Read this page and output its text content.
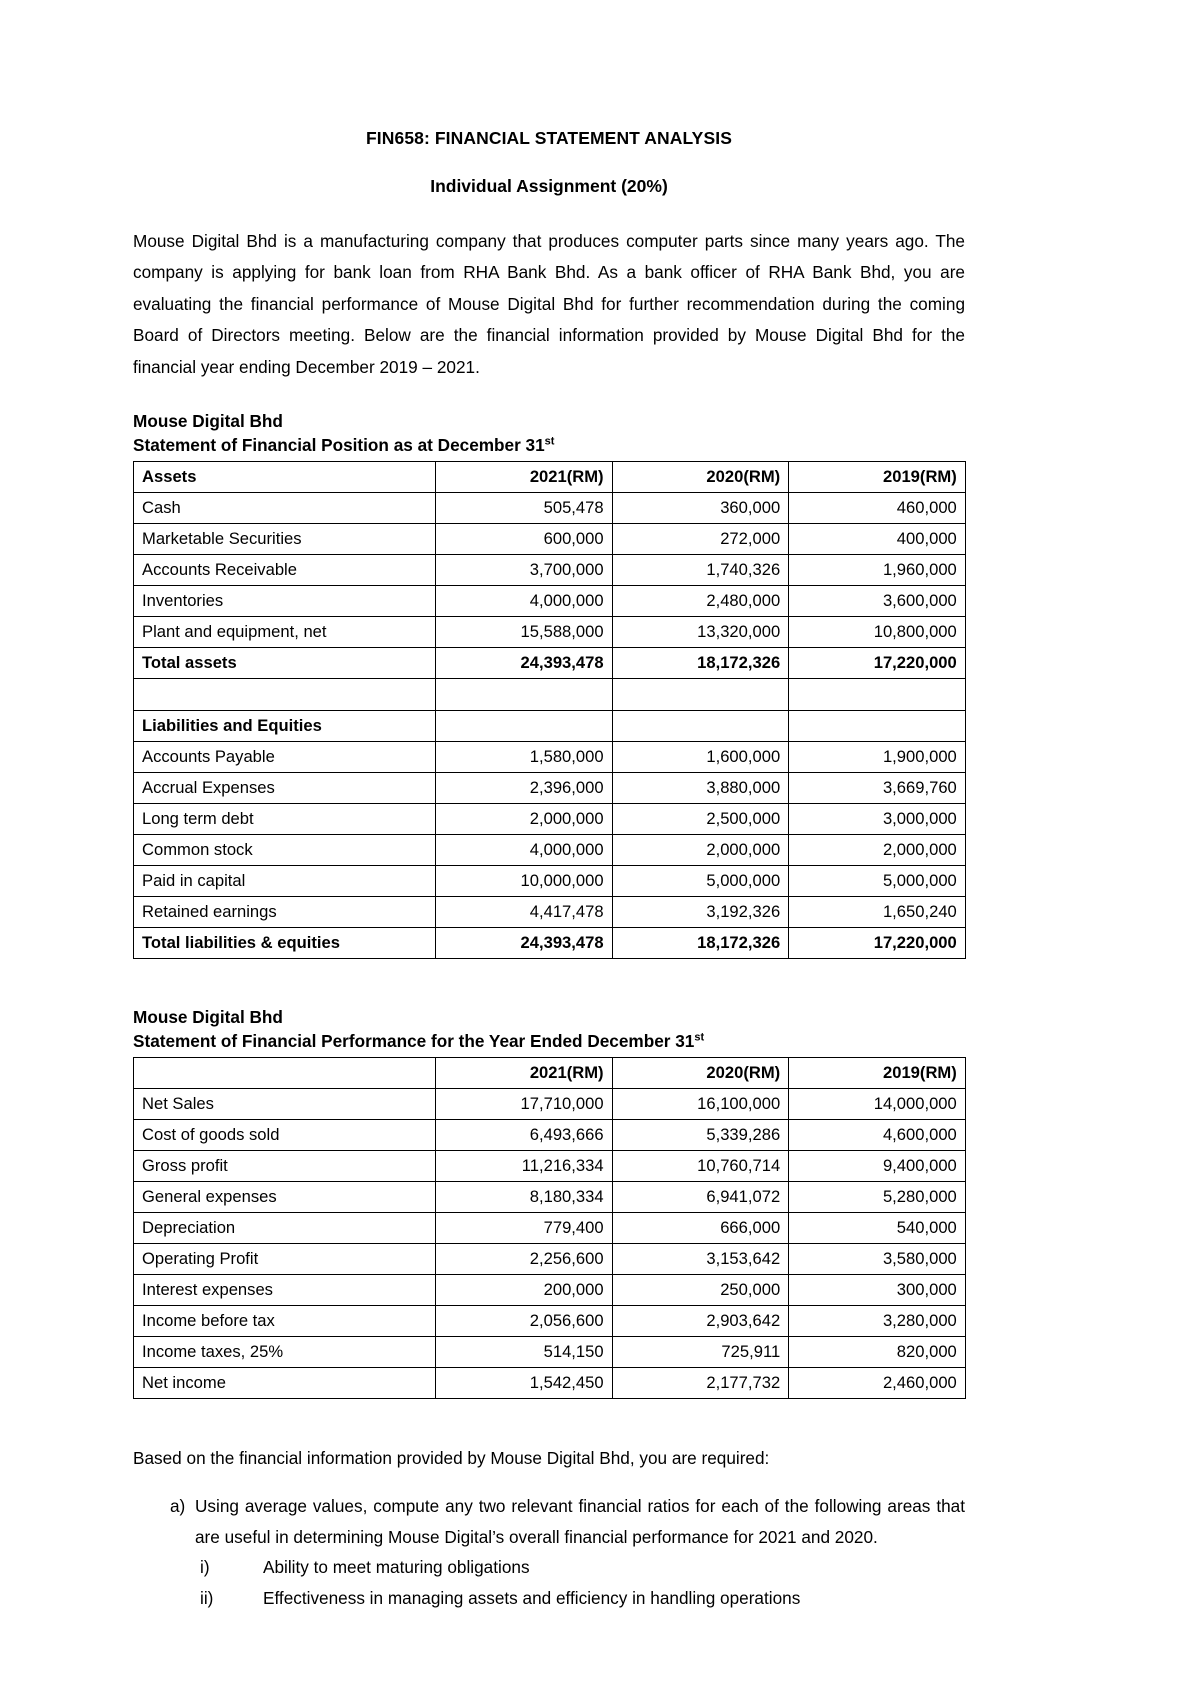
FIN658: FINANCIAL STATEMENT ANALYSIS
Individual Assignment (20%)

Mouse Digital Bhd is a manufacturing company that produces computer parts since many years ago. The company is applying for bank loan from RHA Bank Bhd. As a bank officer of RHA Bank Bhd, you are evaluating the financial performance of Mouse Digital Bhd for further recommendation during the coming Board of Directors meeting. Below are the financial information provided by Mouse Digital Bhd for the financial year ending December 2019 – 2021.

Mouse Digital Bhd
Statement of Financial Position as at December 31st
Assets	2021(RM)	2020(RM)	2019(RM)
Cash	505,478	360,000	460,000
Marketable Securities	600,000	272,000	400,000
Accounts Receivable	3,700,000	1,740,326	1,960,000
Inventories	4,000,000	2,480,000	3,600,000
Plant and equipment, net	15,588,000	13,320,000	10,800,000
Total assets	24,393,478	18,172,326	17,220,000

Liabilities and Equities			
Accounts Payable	1,580,000	1,600,000	1,900,000
Accrual Expenses	2,396,000	3,880,000	3,669,760
Long term debt	2,000,000	2,500,000	3,000,000
Common stock	4,000,000	2,000,000	2,000,000
Paid in capital	10,000,000	5,000,000	5,000,000
Retained earnings	4,417,478	3,192,326	1,650,240
Total liabilities & equities	24,393,478	18,172,326	17,220,000
Mouse Digital Bhd
Statement of Financial Performance for the Year Ended December 31st
	2021(RM)	2020(RM)	2019(RM)
Net Sales	17,710,000	16,100,000	14,000,000
Cost of goods sold	6,493,666	5,339,286	4,600,000
Gross profit	11,216,334	10,760,714	9,400,000
General expenses	8,180,334	6,941,072	5,280,000
Depreciation	779,400	666,000	540,000
Operating Profit	2,256,600	3,153,642	3,580,000
Interest expenses	200,000	250,000	300,000
Income before tax	2,056,600	2,903,642	3,280,000
Income taxes, 25%	514,150	725,911	820,000
Net income	1,542,450	2,177,732	2,460,000

Based on the financial information provided by Mouse Digital Bhd, you are required:

a) Using average values, compute any two relevant financial ratios for each of the following areas that are useful in determining Mouse Digital’s overall financial performance for 2021 and 2020.
i)	Ability to meet maturing obligations
ii)	Effectiveness in managing assets and efficiency in handling operations
